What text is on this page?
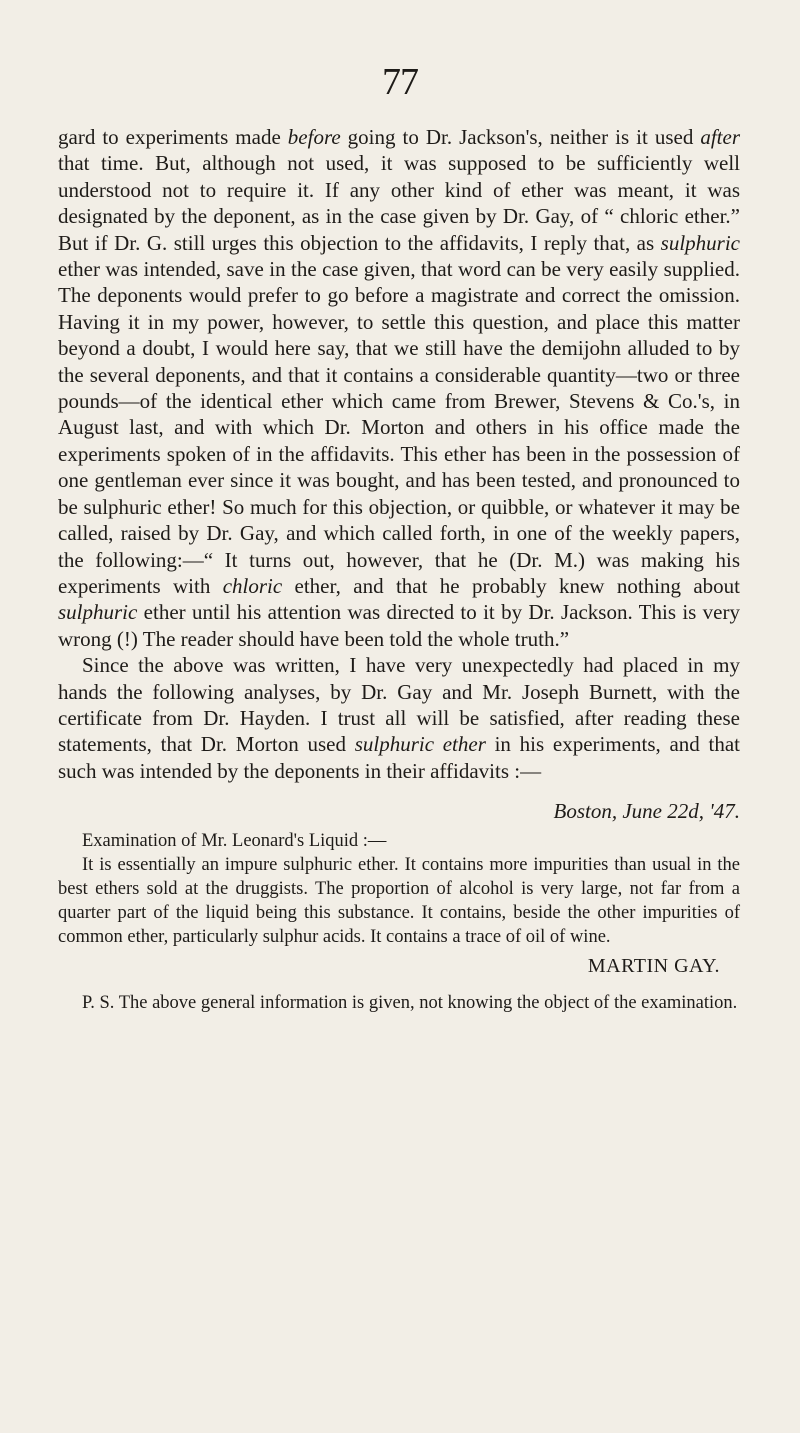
77

gard to experiments made before going to Dr. Jackson's, neither is it used after that time. But, although not used, it was supposed to be sufficiently well understood not to require it. If any other kind of ether was meant, it was designated by the deponent, as in the case given by Dr. Gay, of “ chloric ether.” But if Dr. G. still urges this objection to the affidavits, I reply that, as sulphuric ether was intended, save in the case given, that word can be very easily supplied. The deponents would prefer to go before a magistrate and correct the omission. Having it in my power, however, to settle this question, and place this matter beyond a doubt, I would here say, that we still have the demijohn alluded to by the several deponents, and that it contains a considerable quantity—two or three pounds—of the identical ether which came from Brewer, Stevens & Co.'s, in August last, and with which Dr. Morton and others in his office made the experiments spoken of in the affidavits. This ether has been in the possession of one gentleman ever since it was bought, and has been tested, and pronounced to be sulphuric ether! So much for this objection, or quibble, or whatever it may be called, raised by Dr. Gay, and which called forth, in one of the weekly papers, the following:—“ It turns out, however, that he (Dr. M.) was making his experiments with chloric ether, and that he probably knew nothing about sulphuric ether until his attention was directed to it by Dr. Jackson. This is very wrong (!) The reader should have been told the whole truth.”

Since the above was written, I have very unexpectedly had placed in my hands the following analyses, by Dr. Gay and Mr. Joseph Burnett, with the certificate from Dr. Hayden. I trust all will be satisfied, after reading these statements, that Dr. Morton used sulphuric ether in his experiments, and that such was intended by the deponents in their affidavits :—

Boston, June 22d, '47.

Examination of Mr. Leonard's Liquid :—

It is essentially an impure sulphuric ether. It contains more impurities than usual in the best ethers sold at the druggists. The proportion of alcohol is very large, not far from a quarter part of the liquid being this substance. It contains, beside the other impurities of common ether, particularly sulphur acids. It contains a trace of oil of wine.

MARTIN GAY.

P. S. The above general information is given, not knowing the object of the examination.
